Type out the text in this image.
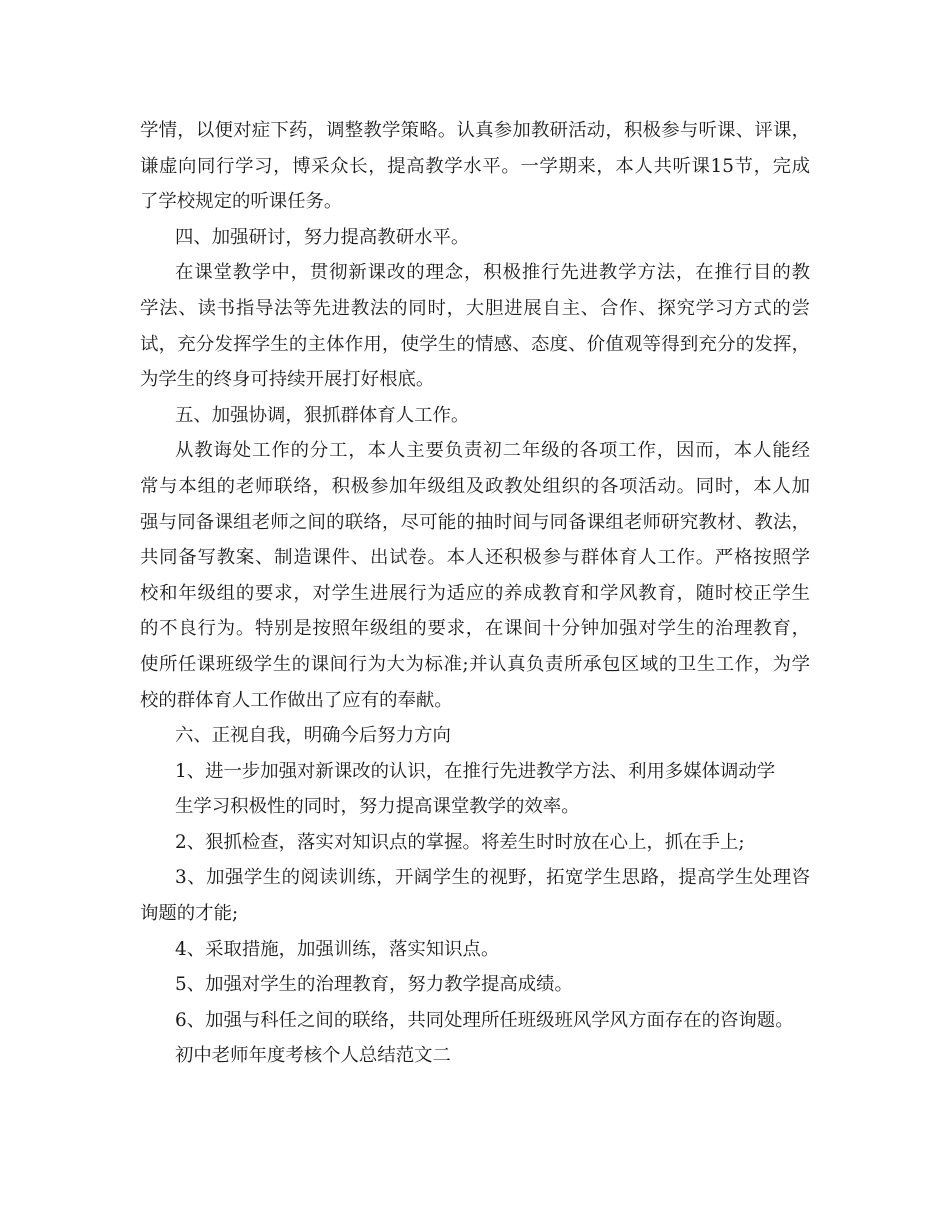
学情，以便对症下药，调整教学策略。认真参加教研活动，积极参与听课、评课，

谦虚向同行学习，博采众长，提高教学水平。一学期来，本人共听课15节，完成

了学校规定的听课任务。

四、加强研讨，努力提高教研水平。

在课堂教学中，贯彻新课改的理念，积极推行先进教学方法，在推行目的教

学法、读书指导法等先进教法的同时，大胆进展自主、合作、探究学习方式的尝

试，充分发挥学生的主体作用，使学生的情感、态度、价值观等得到充分的发挥，

为学生的终身可持续开展打好根底。

五、加强协调，狠抓群体育人工作。

从教诲处工作的分工，本人主要负责初二年级的各项工作，因而，本人能经

常与本组的老师联络，积极参加年级组及政教处组织的各项活动。同时，本人加

强与同备课组老师之间的联络，尽可能的抽时间与同备课组老师研究教材、教法，

共同备写教案、制造课件、出试卷。本人还积极参与群体育人工作。严格按照学

校和年级组的要求，对学生进展行为适应的养成教育和学风教育，随时校正学生

的不良行为。特别是按照年级组的要求，在课间十分钟加强对学生的治理教育，

使所任课班级学生的课间行为大为标准;并认真负责所承包区域的卫生工作，为学

校的群体育人工作做出了应有的奉献。

六、正视自我，明确今后努力方向

1、进一步加强对新课改的认识，在推行先进教学方法、利用多媒体调动学

生学习积极性的同时，努力提高课堂教学的效率。

2、狠抓检查，落实对知识点的掌握。将差生时时放在心上，抓在手上;

3、加强学生的阅读训练，开阔学生的视野，拓宽学生思路，提高学生处理咨

询题的才能;

4、采取措施，加强训练，落实知识点。

5、加强对学生的治理教育，努力教学提高成绩。

6、加强与科任之间的联络，共同处理所任班级班风学风方面存在的咨询题。

初中老师年度考核个人总结范文二
